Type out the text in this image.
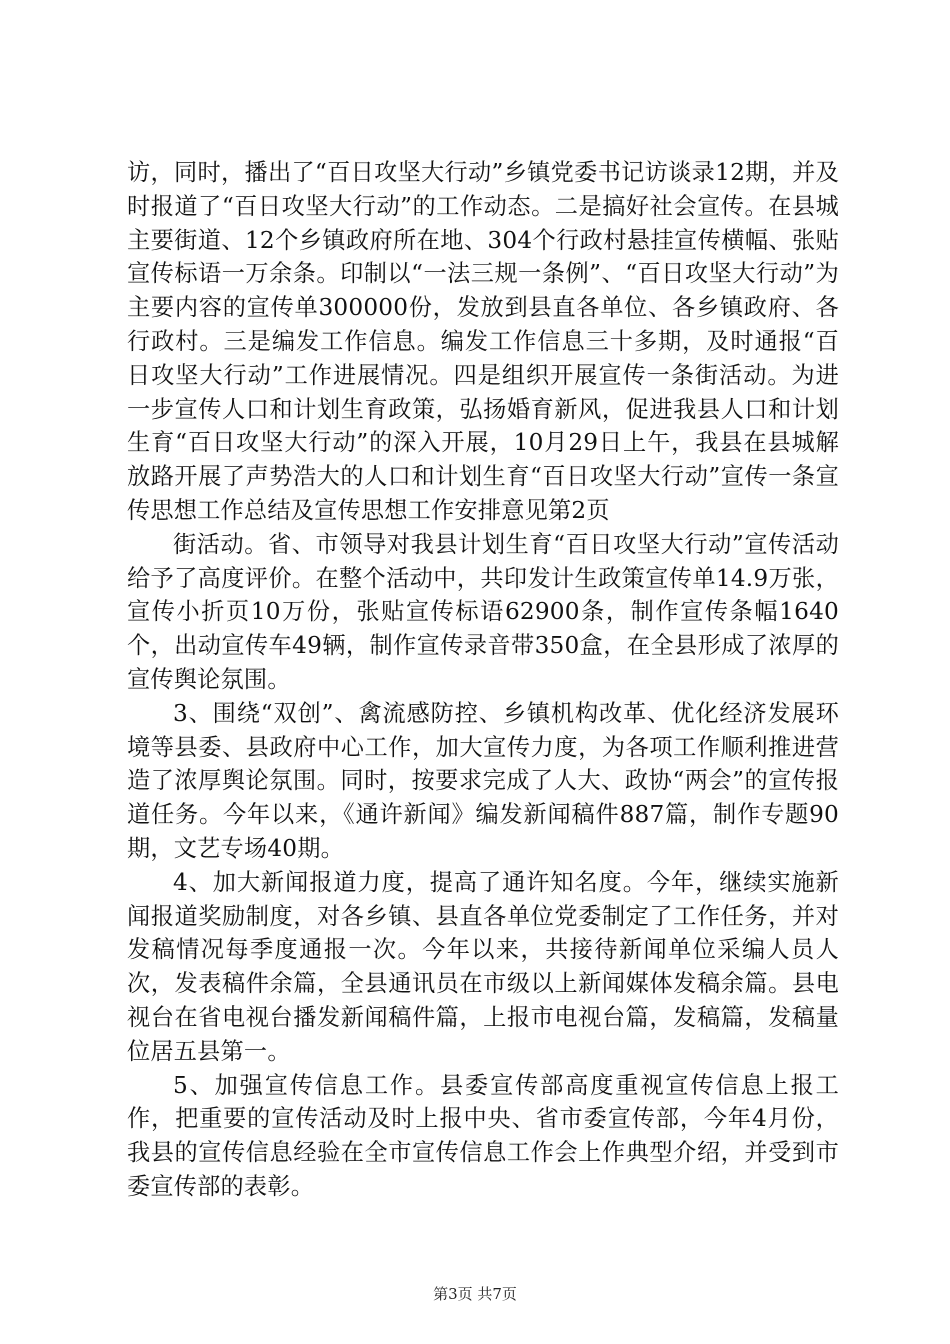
访，同时，播出了“百日攻坚大行动”乡镇党委书记访谈录12期，并及时报道了“百日攻坚大行动”的工作动态。二是搞好社会宣传。在县城主要街道、12个乡镇政府所在地、304个行政村悬挂宣传横幅、张贴宣传标语一万余条。印制以“一法三规一条例”、“百日攻坚大行动”为主要内容的宣传单300000份，发放到县直各单位、各乡镇政府、各行政村。三是编发工作信息。编发工作信息三十多期，及时通报“百日攻坚大行动”工作进展情况。四是组织开展宣传一条街活动。为进一步宣传人口和计划生育政策，弘扬婚育新风，促进我县人口和计划生育“百日攻坚大行动”的深入开展，10月29日上午，我县在县城解放路开展了声势浩大的人口和计划生育“百日攻坚大行动”宣传一条宣传思想工作总结及宣传思想工作安排意见第2页

街活动。省、市领导对我县计划生育“百日攻坚大行动”宣传活动给予了高度评价。在整个活动中，共印发计生政策宣传单14.9万张，宣传小折页10万份，张贴宣传标语62900条，制作宣传条幅1640个，出动宣传车49辆，制作宣传录音带350盒，在全县形成了浓厚的宣传舆论氛围。

3、围绕“双创”、禽流感防控、乡镇机构改革、优化经济发展环境等县委、县政府中心工作，加大宣传力度，为各项工作顺利推进营造了浓厚舆论氛围。同时，按要求完成了人大、政协“两会”的宣传报道任务。今年以来，《通许新闻》编发新闻稿件887篇，制作专题90期，文艺专场40期。

4、加大新闻报道力度，提高了通许知名度。今年，继续实施新闻报道奖励制度，对各乡镇、县直各单位党委制定了工作任务，并对发稿情况每季度通报一次。今年以来，共接待新闻单位采编人员人次，发表稿件余篇，全县通讯员在市级以上新闻媒体发稿余篇。县电视台在省电视台播发新闻稿件篇，上报市电视台篇，发稿篇，发稿量位居五县第一。

5、加强宣传信息工作。县委宣传部高度重视宣传信息上报工作，把重要的宣传活动及时上报中央、省市委宣传部，今年4月份，我县的宣传信息经验在全市宣传信息工作会上作典型介绍，并受到市委宣传部的表彰。

第3页 共7页
